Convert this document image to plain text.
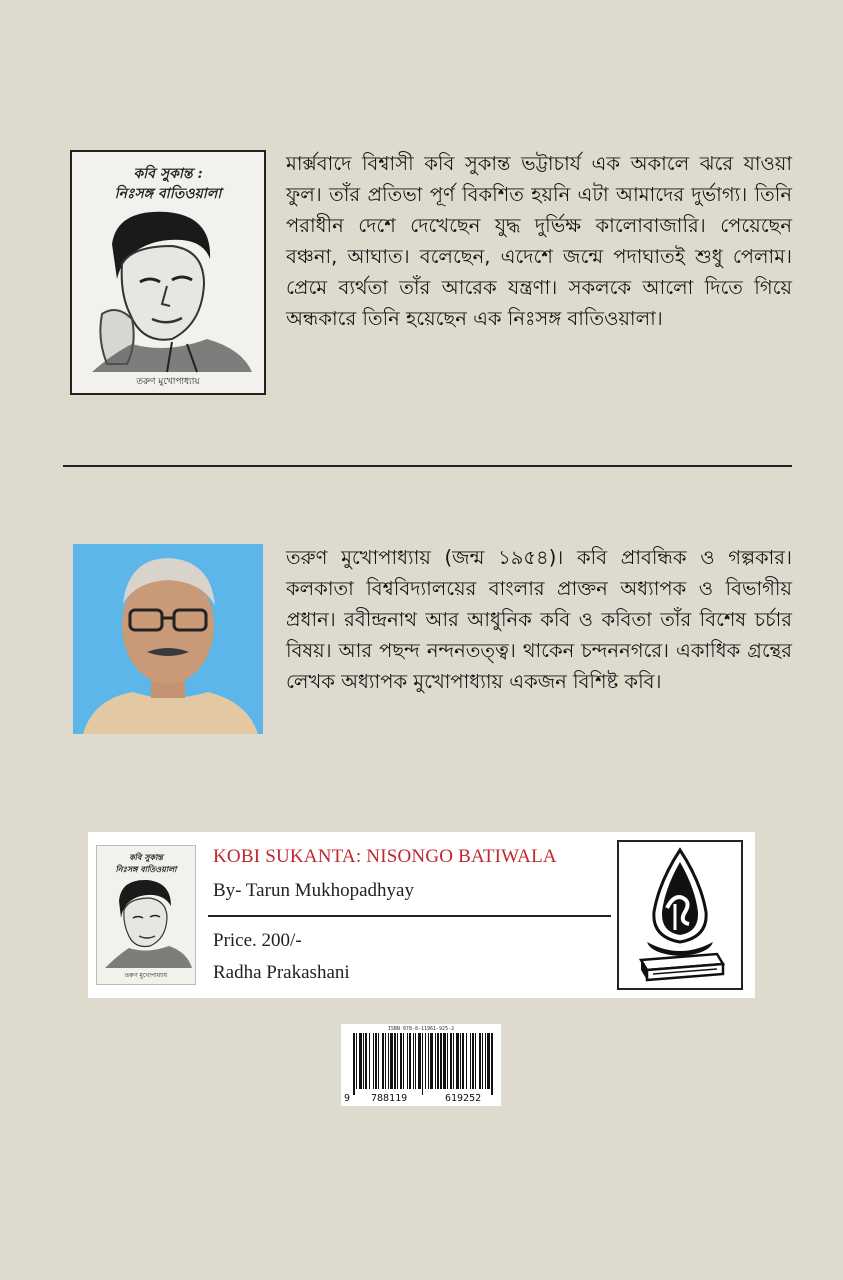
কবি সুকান্ত :
নিঃসঙ্গ বাতিওয়ালা
তরুণ মুখোপাধ্যায়

মার্ক্সবাদে বিশ্বাসী কবি সুকান্ত ভট্টাচার্য এক অকালে ঝরে যাওয়া ফুল। তাঁর প্রতিভা পূর্ণ বিকশিত হয়নি এটা আমাদের দুর্ভাগ্য। তিনি পরাধীন দেশে দেখেছেন যুদ্ধ দুর্ভিক্ষ কালোবাজারি। পেয়েছেন বঞ্চনা, আঘাত। বলেছেন, এদেশে জন্মে পদাঘাতই শুধু পেলাম। প্রেমে ব্যর্থতা তাঁর আরেক যন্ত্রণা। সকলকে আলো দিতে গিয়ে অন্ধকারে তিনি হয়েছেন এক নিঃসঙ্গ বাতিওয়ালা।

তরুণ মুখোপাধ্যায় (জন্ম ১৯৫৪)। কবি প্রাবন্ধিক ও গল্পকার। কলকাতা বিশ্ববিদ্যালয়ের বাংলার প্রাক্তন অধ্যাপক ও বিভাগীয় প্রধান। রবীন্দ্রনাথ আর আধুনিক কবি ও কবিতা তাঁর বিশেষ চর্চার বিষয়। আর পছন্দ নন্দনতত্ত্ব। থাকেন চন্দননগরে। একাধিক গ্রন্থের লেখক অধ্যাপক মুখোপাধ্যায় একজন বিশিষ্ট কবি।

কবি সুকান্ত
নিঃসঙ্গ বাতিওয়ালা
তরুণ মুখোপাধ্যায়
KOBI SUKANTA: NISONGO BATIWALA
By- Tarun Mukhopadhyay
Price. 200/-
Radha Prakashani
ISBN 978-8-11961-925-2
9 788119	619252
